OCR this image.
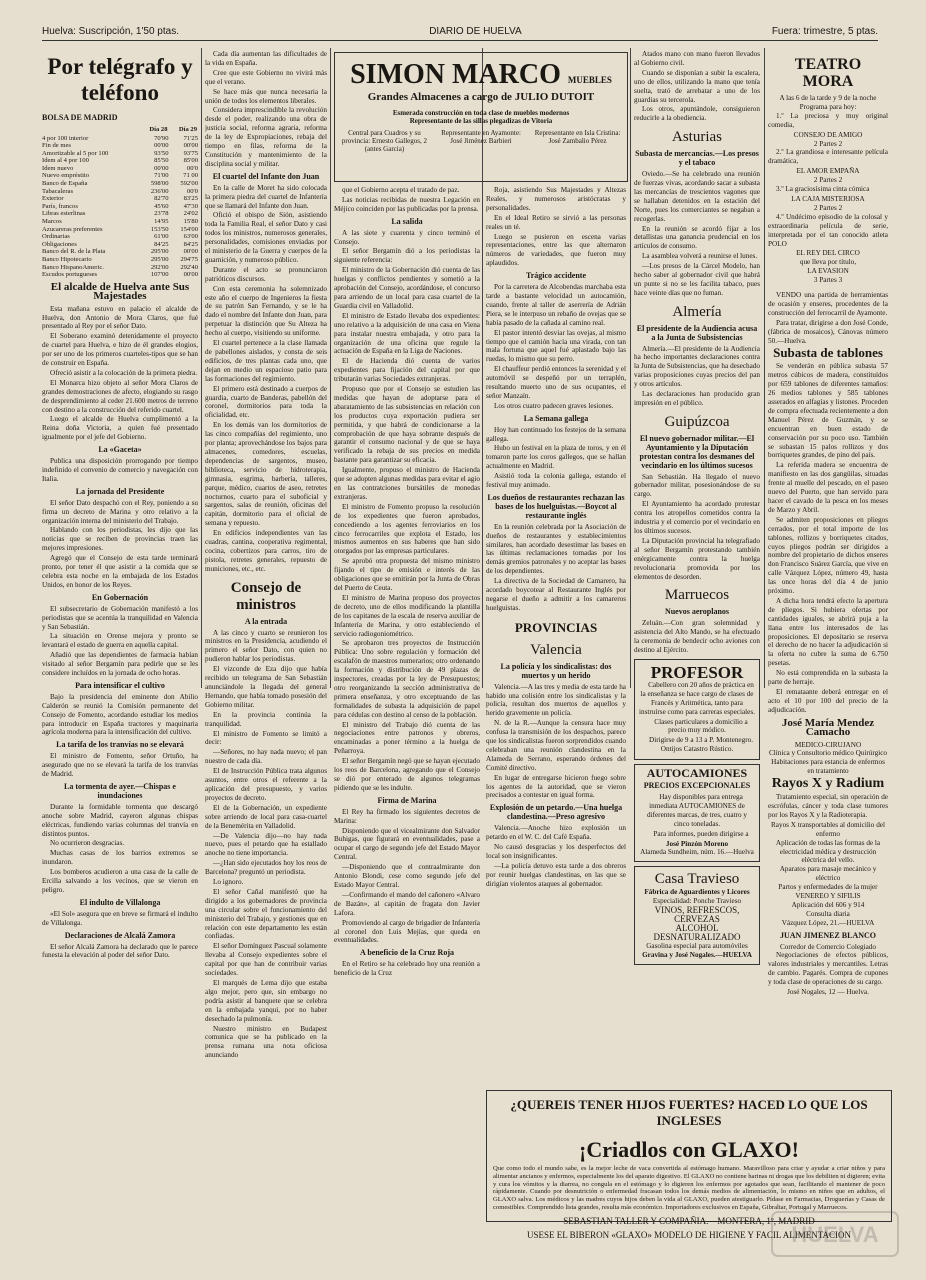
Huelva: Suscripción, 1'50 ptas.	DIARIO DE HUELVA	Fuera: trimestre, 5 ptas.
Por telégrafo y teléfono
BOLSA DE MADRID
	Día 28	Día 29
4 por 100 interior	70'90	71'25
Fin de mes	00'00	00'00
Amortizable al 5 por 100	93'50	93'75
Idem al 4 por 100	85'50	85'00
Idem nuevo	00'00	00'0
Nuevo empréstito	71'00	71 00
Banco de España	598'00	592'00
Tabacaleras	236'00	00'0
Exterior	82'70	83'25
París, francos	45'60	47'30
Libras esterlinas	23'78	24'02
Marcos	14'95	15'80
Azucareras preferentes	153'50	154'00
Ordinarias	61'00	63'00
Obligaciones	84'25	84'25
Banco del R. de la Plata	295'00	00'00
Banco Hipotecario	295'00	294'75
Banco HispanoAmeric.	292'00	292'40
Escudos portugueses	107'00	00'00
El alcalde de Huelva ante Sus Majestades

Esta mañana estuvo en palacio el alcalde de Huelva, don Antonio de Mora Claros, que fué presentado al Rey por el señor Dato.

El Soberano examinó detenidamente el proyecto de cuartel para Huelva, e hizo de él grandes elogios, por ser uno de los primeros cuarteles-tipos que se han de construir en España.

Ofreció asistir a la colocación de la primera piedra.

El Monarca hizo objeto al señor Mora Claros de grandes demostraciones de afecto, elogiando su rasgo de desprendimiento al ceder 21.600 metros de terreno con destino a la construcción del referido cuartel.

Luego el alcalde de Huelva cumplimentó a la Reina doña Victoria, a quien fué presentado igualmente por el jefe del Gobierno.

La «Gaceta»

Publica una disposición prorrogando por tiempo indefinido el convenio de comercio y navegación con Italia.

La jornada del Presidente

El señor Dato despachó con el Rey, poniendo a su firma un decreto de Marina y otro relativo a la organización interna del ministerio del Trabajo.

Hablando con los periodistas, les dijo que las noticias que se reciben de provincias traen las mejores impresiones.

Agregó que el Consejo de esta tarde terminará pronto, por tener él que asistir a la comida que se celebra esta noche en la embajada de los Estados Unidos, en honor de los Reyes.

En Gobernación

El subsecretario de Gobernación manifestó a los periodistas que se acentúa la tranquilidad en Valencia y San Sebastián.

La situación en Orense mejora y pronto se levantará el estado de guerra en aquella capital.

Añadió que las dependientes de farmacia habían visitado al señor Bergamín para pedirle que se les considere incluídos en la jornada de ocho horas.

Para intensificar el cultivo

Bajo la presidencia del eminente don Abilio Calderón se reunió la Comisión permanente del Consejo de Fomento, acordando estudiar los medios para introducir en España tractores y maquinaria agrícola moderna para la intensificación del cultivo.

La tarifa de los tranvías no se elevará

El ministro de Fomento, señor Ortuño, ha asegurado que no se elevará la tarifa de los tranvías de Madrid.

La tormenta de ayer.—Chispas e inundaciones

Durante la formidable tormenta que descargó anoche sobre Madrid, cayeron algunas chispas eléctricas, fundiendo varias columnas del tranvía en distintos puntos.

No ocurrieron desgracias.

Muchas casas de los barrios extremos se inundaron.

Los bomberos acudieron a una casa de la calle de Ercilla salvando a los vecinos, que se vieron en peligro.

El indulto de Villalonga

«El Sol» asegura que en breve se firmará el indulto de Villalonga.

Declaraciones de Alcalá Zamora

El señor Alcalá Zamora ha declarado que le parece funesta la elevación al poder del señor Dato.

Cada día aumentan las dificultades de la vida en España.

Cree que este Gobierno no vivirá más que el verano.

Se hace más que nunca necesaria la unión de todos los elementos liberales.

Considera imprescindible la revolución desde el poder, realizando una obra de justicia social, reforma agraria, reforma de la ley de Expropiaciones, rebaja del tiempo en filas, reforma de la Constitución y mantenimiento de la disciplina social y militar.

El cuartel del Infante don Juan

En la calle de Moret ha sido colocada la primera piedra del cuartel de Infantería que se llamará del Infante don Juan.

Ofició el obispo de Sión, asistiendo toda la Familia Real, el señor Dato y casi todos los ministros, numerosos generales, personalidades, comisiones enviadas por el ministerio de la Guerra y cuerpos de la guarnición, y numeroso público.

Durante el acto se pronunciaron patrióticos discursos.

Con esta ceremonia ha solemnizado este año el cuerpo de Ingenieros la fiesta de su patrón San Fernando, y se le ha dado el nombre del Infante don Juan, para perpetuar la distinción que Su Alteza ha hecho al cuerpo, visitiendo su uniforme.

El cuartel pertenece a la clase llamada de pabellones aislados, y consta de seis edificios, de tres plantas cada uno, que dejan en medio un espacioso patio para las formaciones del regimiento.

El primero está destinado a cuerpos de guardia, cuarto de Banderas, pabellón del coronel, dormitorios para toda la oficialidad, etc.

En los demás van los dormitorios de las cinco compañías del regimiento, uno por planta; aprovechándose los bajos para almacenes, comedores, escuelas, dependencias de sargentos, museo, biblioteca, servicio de hidroterapia, gimnasia, esgrima, barbería, talleres, parque, médico, cuartos de aseo, retretes nocturnos, cuarto para el suboficial y sargentos, salas de reunión, oficinas del capitán, dormitorio para el oficial de semana y repuesto.

En edificios independientes van las cuadras, cantina, cooperativa regimental, cocina, cobertizos para carros, tiro de pistola, retretes generales, repuesto de municiones, etc., etc.

Consejo de ministros
A la entrada

A las cinco y cuarto se reunieron los ministros en la Presidencia, acudiendo el primero el señor Dato, con quien no pudieron hablar los periodistas.

El vizconde de Eza dijo que había recibido un telegrama de San Sebastián anunciándole la llegada del general Hernando, que había tomado posesión del Gobierno militar.

En la provincia continúa la tranquilidad.

El ministro de Fomento se limitó a decir:

—Señores, no hay nada nuevo; el pan nuestro de cada día.

El de Instrucción Pública trata algunos asuntos, entre otros el referente a la aplicación del presupuesto, y varios proyectos de decreto.

El de la Gobernación, un expediente sobre arriendo de local para casa-cuartel de la Benemérita en Valladolid.

—De Valencia dijo—no hay nada nuevo, pues el petardo que ha estallado anoche no tiene importancia.

—¿Han sido ejecutados hoy los reos de Barcelona? preguntó un periodista.

Lo ignoro.

El señor Cañal manifestó que ha dirigido a los gobernadores de provincia una circular sobre el funcionamiento del ministerio del Trabajo, y gestiones que en relación con este departamento les están confiadas.

El señor Domínguez Pascual solamente llevaba al Consejo expedientes sobre el capital por que han de contribuir varias sociedades.

El marqués de Lema dijo que estaba algo mejor, pero que, sin embargo no podría asistir al banquete que se celebra en la embajada yanqui, por no haber desechado la pulmonía.

Nuestro ministro en Budapest comunica que se ha publicado en la prensa rumana una nota oficiosa anunciando

SIMON MARCO MUEBLES
Grandes Almacenes a cargo de JULIO DUTOIT
Esmerada construcción en toda clase de muebles modernos
Representante de las sillas plegadizas de Vitoria
Central para Cuadros y su provincia: Ernesto Gallegos, 2 (antes Garcia)
Representante en Ayamonte: José Jiménez Barbieri
Representante en Isla Cristina: José Zambalio Pérez

que el Gobierno acepta el tratado de paz.

Las noticias recibidas de nuestra Legación en Méjico coinciden por las publicadas por la prensa.

La salida

A las siete y cuarenta y cinco terminó el Consejo.

El señor Bergamín dió a los periodistas la siguiente referencia:

El ministro de la Gobernación dió cuenta de las huelgas y conflictos pendientes y sometió a la aprobación del Consejo, acordándose, el concurso para arriendo de un local para casa cuartel de la Guardia civil en Valladolid.

El ministro de Estado llevaba dos expedientes: uno relativo a la adquisición de una casa en Viena para instalar nuestra embajada, y otro para la organización de una oficina que regule la actuación de España en la Liga de Naciones.

El de Hacienda dió cuenta de varios expedientes para fijación del capital por que tributarán varias Sociedades extranjeras.

Propuso que por el Consejo se estudien las medidas que hayan de adoptarse para el abaratamiento de las subsistencias en relación con los productos cuya exportación pudiera ser permitida, y que habrá de condicionarse a la comprobación de que haya sobrante después de garantir el consumo nacional y de que se haya verificado la rebaja de sus precios en medida bastante para garantizar su eficacia.

Igualmente, propuso el ministro de Hacienda que se adopten algunas medidas para evitar el agio en las contratciones bursátiles de monedas extranjeras.

El ministro de Fomento propuso la resolución de los expedientes que fueron aprobados, concediendo a los agentes ferroviarios en los cinco ferrocarriles que explota el Estado, los mismos aumentos en sus haberes que han sido otorgados por las empresas particulares.

Se aprobó otra propuesta del mismo ministro fijando el tipo de emisión e interés de las obligaciones que se emitirán por la Junta de Obras del Puerto de Ceuta.

El ministro de Marina propuso dos proyectos de decreto, uno de ellos modificando la plantilla de los capitanes de la escala de reserva auxiliar de Infantería de Marina, y otro estableciendo el servicio radiogoniométrico.

Se aprobaron tres proyectos de Instrucción Pública: Uno sobre regulación y formación del escalafón de maestros numerarios; otro ordenando la formación y distribución de 49 plazas de inspectores, creadas por la ley de Presupuestos; otro reorganizando la sección administrativa de primera enseñanza, y otro exceptuando de las formalidades de subasta la adquisición de papel para cédulas con destino al censo de la población.

El ministro del Trabajo dió cuenta de las negociaciones entre patronos y obreros, encaminadas a poner término a la huelga de Peñarroya.

El señor Bergamín negó que se hayan ejecutado los reos de Barcelona, agregando que el Consejo se dió por enterado de algunos telegramas pidiendo que se les indulte.

Firma de Marina

El Rey ha firmado los siguientes decretos de Marina:

Disponiendo que el vicealmirante don Salvador Buhigas, que figurará en eventualidades, pase a ocupar el cargo de segundo jefe del Estado Mayor Central.

—Disponiendo que el contraalmirante don Antonio Blondi, cese como segundo jefe del Estado Mayor Central.

—Confirmando el mando del cañonero «Alvaro de Bazán», al capitán de fragata don Javier Lafora.

Promoviendo al cargo de brigadier de Infantería al coronel don Luis Mejías, que queda en eventualidades.

A beneficio de la Cruz Roja

En el Retiro se ha celebrado hoy una reunión a beneficio de la Cruz

Roja, asistiendo Sus Majestades y Altezas Reales, y numerosos aristócratas y personalidades.

En el Ideal Retiro se sirvió a las personas reales un té.

Luego se pusieron en escena varias representaciones, entre las que alternaron números de variedades, que fueron muy aplaudidos.

Trágico accidente

Por la carretera de Alcobendas marchaba esta tarde a bastante velocidad un autocamión, cuando, frente al taller de aserrería de Adrián Piera, se le interpuso un rebaño de ovejas que se había pasado de la cañada al camino real.

El pastor intentó desviar las ovejas, al mismo tiempo que el camión hacía una virada, con tan mala fortuna que aquel fué aplastado bajo las ruedas, lo mismo que su perro.

El chauffeur perdió entonces la serenidad y el automóvil se despeñó por un terraplén, resultando muerto uno de sus ocupantes, el señor Manzaín.

Los otros cuatro padecen graves lesiones.

La Semana gallega

Hoy han continuado los festejos de la semana gallega.

Hubo un festival en la plaza de toros, y en él tomaron parte los coros gallegos, que se hallan actualmente en Madrid.

Asistió toda la colonia gallega, estando el festival muy animado.

Los dueños de restaurantes rechazan las bases de los huelguistas.—Boycot al restaurante inglés

En la reunión celebrada por la Asociación de dueños de restaurantes y establecimientos similares, han acordado desestimar las bases en las últimas reclamaciones tomadas por los demás gremios patronales y no aceptar las bases de los dependientes.

La directiva de la Sociedad de Camarero, ha acordado boycotear al Restaurante Inglés por negarse el dueño a admitir a los camareros huelguistas.

PROVINCIAS
Valencia
La policía y los sindicalistas: dos muertos y un herido

Valencia.—A las tres y media de esta tarde ha habido una colisión entre los sindicalistas y la policía, resultan dos muertos de aquellos y herido gravemente un policía.

N. de la R.—Aunque la censura hace muy confusa la transmisión de los despachos, parece que los sindicalistas fueron sorprendidos cuando celebraban una reunión clandestina en la Alameda de Serrano, esperando órdenes del Comité directivo.

En lugar de entregarse hicieron fuego sobre los agentes de la autoridad, que se vieron precisados a contestar en igual forma.

Explosión de un petardo.—Una huelga clandestina.—Preso agresivo

Valencia.—Anoche hizo explosión un petardo en el W. C. del Café España.

No causó desgracias y los desperfectos del local son insignificantes.

—La policía detuvo esta tarde a dos obreros por reunir huelgas clandestinas, en las que se dirigían violentos ataques al gobernador.

Atados mano con mano fueron llevados al Gobierno civil.

Cuando se disponían a subir la escalera, uno de ellos, utilizando la mano que tenía suelta, trató de arrebatar a uno de los guardias su tercerola.

Los otros, apuntándole, consiguieron reducirle a la obediencia.

Asturias
Subasta de mercancías.—Los presos y el tabaco

Oviedo.—Se ha celebrado una reunión de fuerzas vivas, acordando sacar a subasta las mercancías de trescientos vagones que se hallaban detenidos en la estación del Norte, pues los comerciantes se negaban a recogerlas.

En la reunión se acordó fijar a los detallistas una ganancia prudencial en los artículos de consumo.

La asamblea volverá a reunirse el lunes.

—Los presos de la Cárcel Modelo, han hecho saber al gobernador civil que habrá un punte si no se les facilita tabaco, pues hace veinte días que no fuman.

Almería
El presidente de la Audiencia acusa a la Junta de Subsistencias

Almería.—El presidente de la Audiencia ha hecho importantes declaraciones contra la Junta de Subsistencias, que ha desechado varias proposiciones cuyas precios del pan y otros artículos.

Las declaraciones han producido gran impresión en el público.

Guipúzcoa
El nuevo gobernador militar.—El Ayuntamiento y la Diputación protestan contra los desmanes del vecindario en los últimos sucesos

San Sebastián. Ha llegado el nuevo gobernador militar, posesionándose de su cargo.

El Ayuntamiento ha acordado protestar contra los atropellos cometidos contra la industria y el comercio por el vecindario en los últimos sucesos.

La Diputación provincial ha telegrafiado al señor Bergamín protestando también enérgicamente contra la huelga revolucionaria promovida por los elementos de desorden.

Marruecos
Nuevos aeroplanos

Zeluán.—Con gran solemnidad y asistencia del Alto Mando, se ha efectuado la ceremonia de bendecir ocho aviones con destino al Ejército.

PROFESOR

Cabellero con 20 años de práctica en la enseñanza se hace cargo de clases de Francés y Aritmética, tanto para instruírse como para carreras especiales.

Clases particulares a domicilio a precio muy módico.

Dirigirse de 9 a 13 a P. Montenegro. Ontijos Catastro Rústico.

AUTOCAMIONES
PRECIOS EXCEPCIONALES

Hay disponibles para entrega inmediata AUTOCAMIONES de diferentes marcas, de tres, cuatro y cinco toneladas.

Para informes, pueden dirigirse a

José Pinzón Moreno
Alameda Sundheim, núm. 16.—Huelva
Casa Travieso
Fábrica de Aguardientes y Licores
Especialidad: Ponche Travieso
VINOS, REFRESCOS, CERVEZAS
ALCOHOL DESNATURALIZADO
Gasolina especial para automóviles
Gravina y José Nogales.—HUELVA
TEATRO MORA
A las 6 de la tarde y 9 de la noche
Programa para hoy:

1.º La preciosa y muy original comedia,

CONSEJO DE AMIGO
2 Partes 2

2.º La grandiosa e interesante película dramática,

EL AMOR EMPAÑA
2 Partes 2

3.º La graciosísima cinta cómica

LA CAJA MISTERIOSA
2 Partes 2

4.º Undécimo episodio de la colosal y extraordinaria película de serie, interpretada por el tan conocido atleta POLO

EL REY DEL CIRCO
que lleva por título,
LA EVASION
3 Partes 3

VENDO una partida de herramientas de ocasión y enseres, procedentes de la construcción del ferrocarril de Ayamonte.

Para tratar, dirigirse a don José Conde, (fábrica de mosaicos), Cánovas número 50.—Huelva.

Subasta de tablones

Se venderán en pública subasta 57 metros cúbicos de madera, constituídos por 659 tablones de diferentes tamaños: 26 medios tablones y 585 tablones asserados en alfagías y listones. Proceden de compra efectuada recientemente a don Manuel Pérez de Guzmán, y se encuentran en buen estado de conservación por su poco uso. También se subastan 15 palos rollizos y dos borriquetes grandes, de pino del país.

La referida madera se encuentra de manifiesto en las dos gangüilas, situadas frente al muelle del pescado, en el paseo nuevo del Puerto, que han servido para hacer el cavado de la pesca en los meses de Marzo y Abril.

Se admiten proposiciones en pliegos cerrados, por el total importe de los tablones, rollizos y borriquetes citados, cuyos pliegos podrán ser dirigidos a nombre del propietario de dichos enseres don Francisco Suárez García, que vive en calle Vázquez López, número 49, hasta las once horas del día 4 de junio próximo.

A dicha hora tendrá efecto la apertura de pliegos. Si hubiera ofertas por cantidades iguales, se abrirá puja a la llana entre los interesados de las proposiciones. El depositario se reserva el derecho de no hacer la adjudicación si la oferta no cubre la suma de 6.750 pesetas.

No está comprendida en la subasta la parte de herraje.

El remataante deberá entregar en el acto el 10 por 100 del precio de la adjudicación.

José María Mendez Camacho
MEDICO-CIRUJANO
Clínica y Consultorio médico Quirúrgico
Habitaciones para estancia de enfermos en tratamiento
Rayos X y Radium

Tratamiento especial, sin operación de escrófulas, cáncer y toda clase tumores por los Rayos X y la Radioterapia.

Rayos X transportables al domicilio del enfermo
Aplicación de todas las formas de la electricidad médica y destrucción eléctrica del vello.
Aparatos para masaje mecánico y eléctrico
Partos y enfermedades de la mujer
VENEREO Y SIFILIS
Aplicación del 606 y 914
Consulta diaria
Vázquez López, 21.—HUELVA
JUAN JIMENEZ BLANCO
Corredor de Comercio Colegiado

Negociaciones de efectos públicos, valores industriales y mercantiles. Letras de cambio. Pagarés. Compra de cupones y toda clase de operaciones de su cargo.

José Nogales, 12 — Huelva.
¿QUEREIS TENER HIJOS FUERTES? HACED LO QUE LOS INGLESES
¡Criadlos con GLAXO!
Que como todo el mundo sabe, es la mejor leche de vaca convertida al estómago humano. Maravilloso para criar y ayudar a criar niños y para alimentar ancianos y enfermos, especialmente los del aparato digestivo. El GLAXO no contiene harinas ni drogas que los debiliten ni digieren; evita y cura los vómitos y la diarrea, no congula en el estómago y lo digieren los enfermos por agotados que sean, facilitando el mantener de poco rápidamente. Cuando por desnutrición o enfermedad fracasan todos los demás medios de alimentación, lo mismo en niños que en adultos, el GLAXO salva. Los médicos y las madres cuyos hijos deben la vida al GLAXO, pueden atestiguarlo. Pídase en Farmacias, Droguerías y Casas de comestibles. Comprendido lista grandes, resulta más económico. Importadores exclusivos en España, Gibraltar, Portugal y Marruecos.
SEBASTIAN TALLER Y COMPAÑIA.—MONTERA, 1º, MADRID
USESE EL BIBERON «GLAXO» MODELO DE HIGIENE Y FACIL ALIMENTACION
HUELVA
